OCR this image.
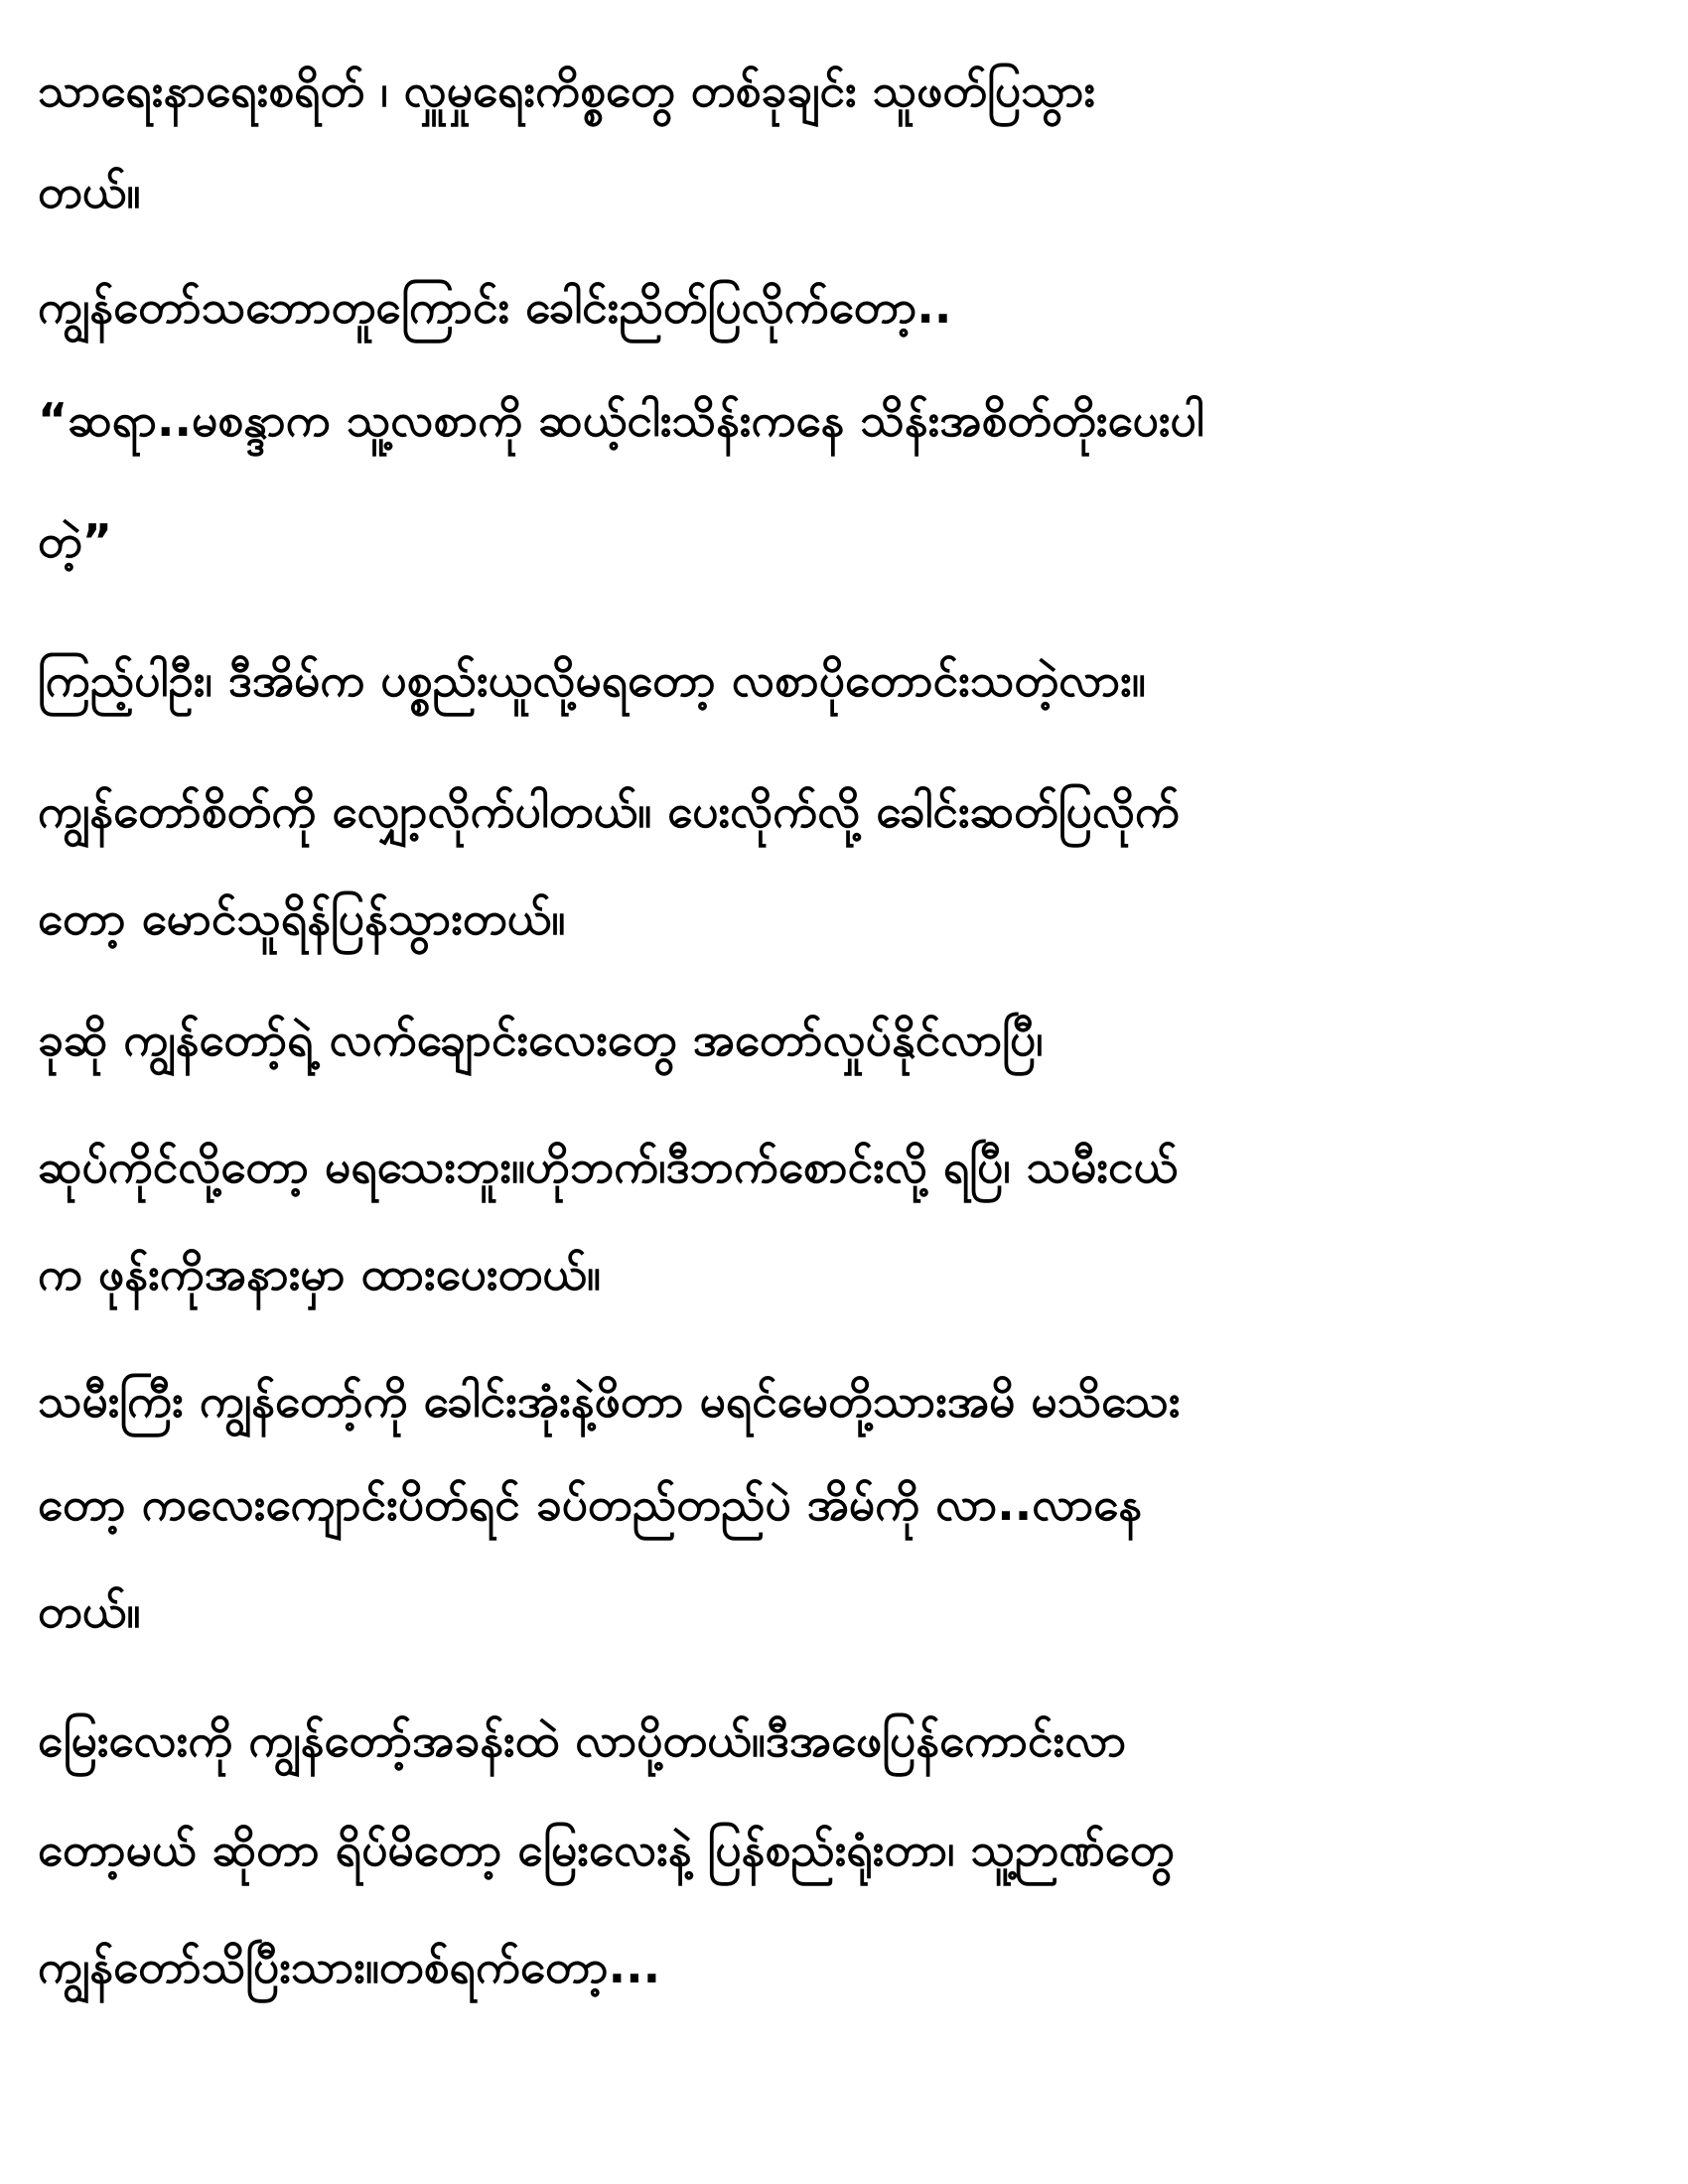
သာရေးနာရေးစရိတ် ၊ လှူမှုရေးကိစ္စတွေ တစ်ခုချင်း သူဖတ်ပြသွား
တယ်။
ကျွန်တော်သဘောတူကြောင်း ခေါင်းညိတ်ပြလိုက်တော့..
“ဆရာ..မစန္ဒာက သူ့လစာကို ဆယ့်ငါးသိန်းကနေ သိန်းအစိတ်တိုးပေးပါ
တဲ့”
ကြည့်ပါဦး၊ ဒီအိမ်က ပစ္စည်းယူလို့မရတော့ လစာပိုတောင်းသတဲ့လား။
ကျွန်တော်စိတ်ကို လျှော့လိုက်ပါတယ်။ ပေးလိုက်လို့ ခေါင်းဆတ်ပြလိုက်
တော့ မောင်သူရိန်ပြန်သွားတယ်။
ခုဆို ကျွန်တော့်ရဲ့ လက်ချောင်းလေးတွေ အတော်လှုပ်နိုင်လာပြီ၊
ဆုပ်ကိုင်လို့တော့ မရသေးဘူး။ဟိုဘက်၊ဒီဘက်စောင်းလို့ ရပြီ၊ သမီးငယ်
က ဖုန်းကိုအနားမှာ ထားပေးတယ်။
သမီးကြီး ကျွန်တော့်ကို ခေါင်းအုံးနဲ့ဖိတာ မရင်မေတို့သားအမိ မသိသေး
တော့ ကလေးကျောင်းပိတ်ရင် ခပ်တည်တည်ပဲ အိမ်ကို လာ..လာနေ
တယ်။
မြေးလေးကို ကျွန်တော့်အခန်းထဲ လာပို့တယ်။ဒီအဖေပြန်ကောင်းလာ
တော့မယ် ဆိုတာ ရိပ်မိတော့ မြေးလေးနဲ့ ပြန်စည်းရုံးတာ၊ သူ့ဉာဏ်တွေ
ကျွန်တော်သိပြီးသား။တစ်ရက်တော့...
